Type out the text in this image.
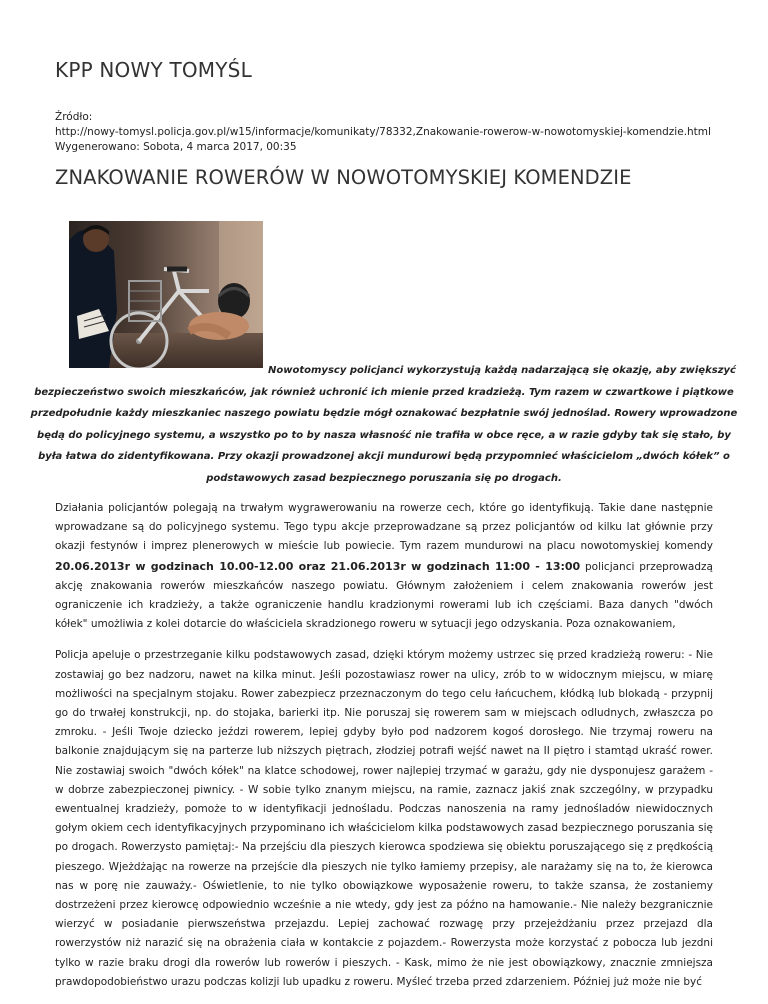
KPP NOWY TOMYŚL
Źródło:
http://nowy-tomysl.policja.gov.pl/w15/informacje/komunikaty/78332,Znakowanie-rowerow-w-nowotomyskiej-komendzie.html
Wygenerowano: Sobota, 4 marca 2017, 00:35
ZNAKOWANIE ROWERÓW W NOWOTOMYSKIEJ KOMENDZIE

Nowotomyscy policjanci wykorzystują każdą nadarzającą się okazję, aby zwiększyć bezpieczeństwo swoich mieszkańców, jak również uchronić ich mienie przed kradzieżą. Tym razem w czwartkowe i piątkowe przedpołudnie każdy mieszkaniec naszego powiatu będzie mógł oznakować bezpłatnie swój jednoślad. Rowery wprowadzone będą do policyjnego systemu, a wszystko po to by nasza własność nie trafiła w obce ręce, a w razie gdyby tak się stało, by była łatwa do zidentyfikowana. Przy okazji prowadzonej akcji mundurowi będą przypomnieć właścicielom „dwóch kółek” o podstawowych zasad bezpiecznego poruszania się po drogach.

Działania policjantów polegają na trwałym wygrawerowaniu na rowerze cech, które go identyfikują. Takie dane następnie wprowadzane są do policyjnego systemu. Tego typu akcje przeprowadzane są przez policjantów od kilku lat głównie przy okazji festynów i imprez plenerowych w mieście lub powiecie. Tym razem mundurowi na placu nowotomyskiej komendy 20.06.2013r w godzinach 10.00-12.00 oraz 21.06.2013r w godzinach 11:00 - 13:00 policjanci przeprowadzą akcję znakowania rowerów mieszkańców naszego powiatu. Głównym założeniem i celem znakowania rowerów jest ograniczenie ich kradzieży, a także ograniczenie handlu kradzionymi rowerami lub ich częściami. Baza danych "dwóch kółek" umożliwia z kolei dotarcie do właściciela skradzionego roweru w sytuacji jego odzyskania. Poza oznakowaniem,

Policja apeluje o przestrzeganie kilku podstawowych zasad, dzięki którym możemy ustrzec się przed kradzieżą roweru: - Nie zostawiaj go bez nadzoru, nawet na kilka minut. Jeśli pozostawiasz rower na ulicy, zrób to w widocznym miejscu, w miarę możliwości na specjalnym stojaku. Rower zabezpiecz przeznaczonym do tego celu łańcuchem, kłódką lub blokadą - przypnij go do trwałej konstrukcji, np. do stojaka, barierki itp. Nie poruszaj się rowerem sam w miejscach odludnych, zwłaszcza po zmroku. - Jeśli Twoje dziecko jeździ rowerem, lepiej gdyby było pod nadzorem kogoś dorosłego. Nie trzymaj roweru na balkonie znajdującym się na parterze lub niższych piętrach, złodziej potrafi wejść nawet na II piętro i stamtąd ukraść rower. Nie zostawiaj swoich "dwóch kółek" na klatce schodowej, rower najlepiej trzymać w garażu, gdy nie dysponujesz garażem - w dobrze zabezpieczonej piwnicy. - W sobie tylko znanym miejscu, na ramie, zaznacz jakiś znak szczególny, w przypadku ewentualnej kradzieży, pomoże to w identyfikacji jednośladu. Podczas nanoszenia na ramy jednośladów niewidocznych gołym okiem cech identyfikacyjnych przypominano ich właścicielom kilka podstawowych zasad bezpiecznego poruszania się po drogach. Rowerzysto pamiętaj:- Na przejściu dla pieszych kierowca spodziewa się obiektu poruszającego się z prędkością pieszego. Wjeżdżając na rowerze na przejście dla pieszych nie tylko łamiemy przepisy, ale narażamy się na to, że kierowca nas w porę nie zauważy.- Oświetlenie, to nie tylko obowiązkowe wyposażenie roweru, to także szansa, że zostaniemy dostrzeżeni przez kierowcę odpowiednio wcześnie a nie wtedy, gdy jest za późno na hamowanie.- Nie należy bezgranicznie wierzyć w posiadanie pierwszeństwa przejazdu. Lepiej zachować rozwagę przy przejeżdżaniu przez przejazd dla rowerzystów niż narazić się na obrażenia ciała w kontakcie z pojazdem.- Rowerzysta może korzystać z pobocza lub jezdni tylko w razie braku drogi dla rowerów lub rowerów i pieszych. - Kask, mimo że nie jest obowiązkowy, znacznie zmniejsza prawdopodobieństwo urazu podczas kolizji lub upadku z roweru. Myśleć trzeba przed zdarzeniem. Później już może nie być
